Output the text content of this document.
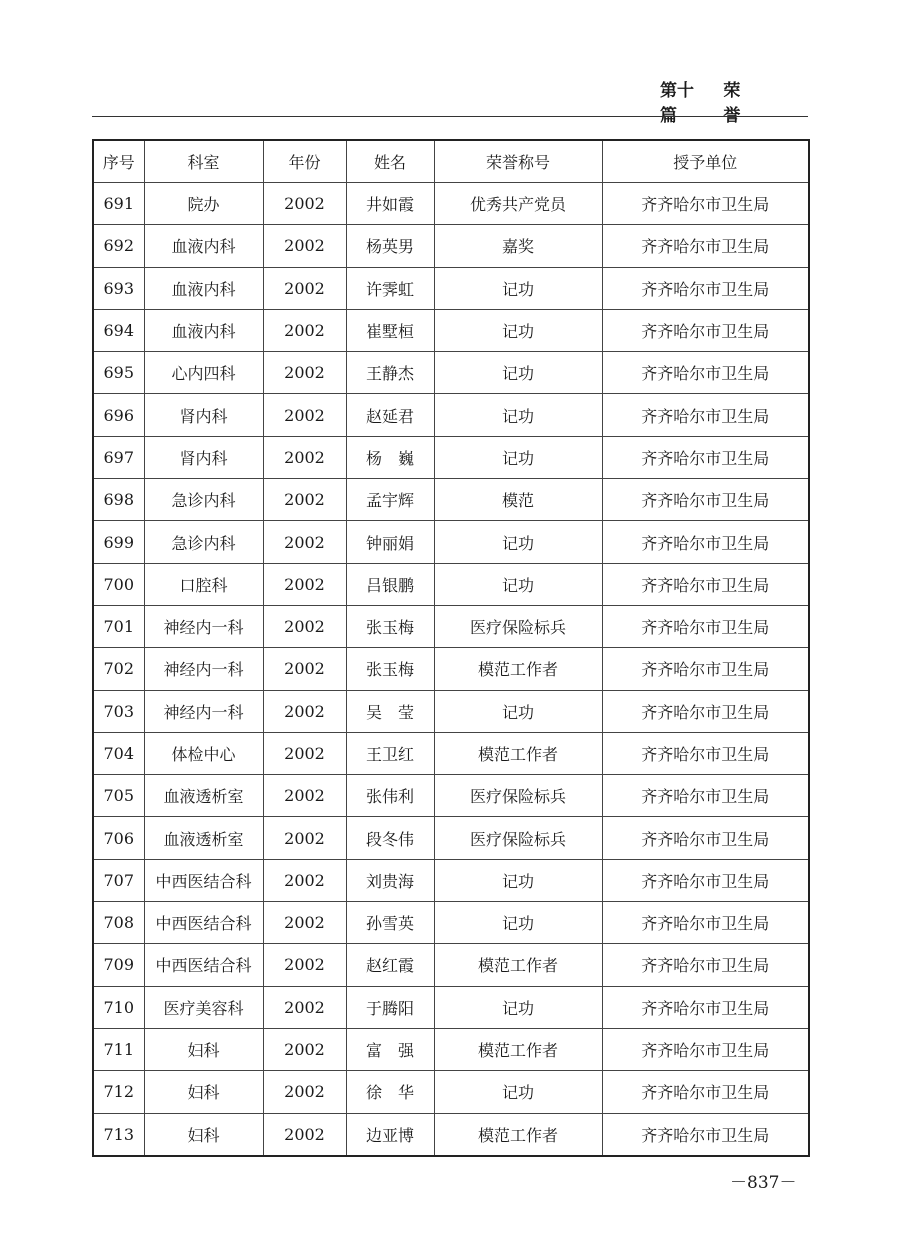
第十篇
荣誉
序号	科室	年份	姓名	荣誉称号	授予单位
691	院办	2002	井如霞	优秀共产党员	齐齐哈尔市卫生局
692	血液内科	2002	杨英男	嘉奖	齐齐哈尔市卫生局
693	血液内科	2002	许霁虹	记功	齐齐哈尔市卫生局
694	血液内科	2002	崔墅桓	记功	齐齐哈尔市卫生局
695	心内四科	2002	王静杰	记功	齐齐哈尔市卫生局
696	肾内科	2002	赵延君	记功	齐齐哈尔市卫生局
697	肾内科	2002	杨　巍	记功	齐齐哈尔市卫生局
698	急诊内科	2002	孟宇辉	模范	齐齐哈尔市卫生局
699	急诊内科	2002	钟丽娟	记功	齐齐哈尔市卫生局
700	口腔科	2002	吕银鹏	记功	齐齐哈尔市卫生局
701	神经内一科	2002	张玉梅	医疗保险标兵	齐齐哈尔市卫生局
702	神经内一科	2002	张玉梅	模范工作者	齐齐哈尔市卫生局
703	神经内一科	2002	吴　莹	记功	齐齐哈尔市卫生局
704	体检中心	2002	王卫红	模范工作者	齐齐哈尔市卫生局
705	血液透析室	2002	张伟利	医疗保险标兵	齐齐哈尔市卫生局
706	血液透析室	2002	段冬伟	医疗保险标兵	齐齐哈尔市卫生局
707	中西医结合科	2002	刘贵海	记功	齐齐哈尔市卫生局
708	中西医结合科	2002	孙雪英	记功	齐齐哈尔市卫生局
709	中西医结合科	2002	赵红霞	模范工作者	齐齐哈尔市卫生局
710	医疗美容科	2002	于腾阳	记功	齐齐哈尔市卫生局
711	妇科	2002	富　强	模范工作者	齐齐哈尔市卫生局
712	妇科	2002	徐　华	记功	齐齐哈尔市卫生局
713	妇科	2002	边亚博	模范工作者	齐齐哈尔市卫生局
－837－
